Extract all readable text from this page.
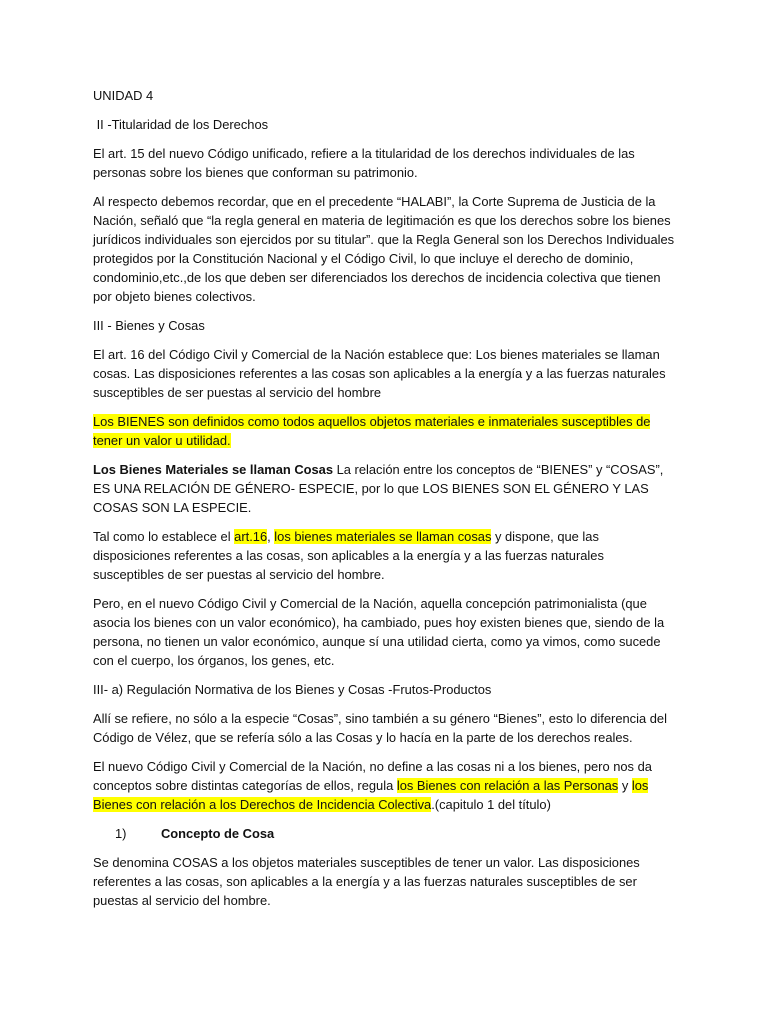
UNIDAD 4

II -Titularidad de los Derechos

El art. 15 del nuevo Código unificado, refiere a la titularidad de los derechos individuales de las personas sobre los bienes que conforman su patrimonio.

Al respecto debemos recordar, que en el precedente “HALABI”, la Corte Suprema de Justicia de la Nación, señaló que “la regla general en materia de legitimación es que los derechos sobre los bienes jurídicos individuales son ejercidos por su titular”. que la Regla General son los Derechos Individuales protegidos por la Constitución Nacional y el Código Civil, lo que incluye el derecho de dominio, condominio,etc.,de los que deben ser diferenciados los derechos de incidencia colectiva que tienen por objeto bienes colectivos.

III - Bienes y Cosas

El art. 16 del Código Civil y Comercial de la Nación establece que: Los bienes materiales se llaman cosas. Las disposiciones referentes a las cosas son aplicables a la energía y a las fuerzas naturales susceptibles de ser puestas al servicio del hombre

Los BIENES son definidos como todos aquellos objetos materiales e inmateriales susceptibles de tener un valor u utilidad.

Los Bienes Materiales se llaman Cosas La relación entre los conceptos de “BIENES” y “COSAS”, ES UNA RELACIÓN DE GÉNERO- ESPECIE, por lo que LOS BIENES SON EL GÉNERO Y LAS COSAS SON LA ESPECIE.

Tal como lo establece el art.16, los bienes materiales se llaman cosas y dispone, que las disposiciones referentes a las cosas, son aplicables a la energía y a las fuerzas naturales susceptibles de ser puestas al servicio del hombre.

Pero, en el nuevo Código Civil y Comercial de la Nación, aquella concepción patrimonialista (que asocia los bienes con un valor económico), ha cambiado, pues hoy existen bienes que, siendo de la persona, no tienen un valor económico, aunque sí una utilidad cierta, como ya vimos, como sucede con el cuerpo, los órganos, los genes, etc.

III- a) Regulación Normativa de los Bienes y Cosas -Frutos-Productos

Allí se refiere, no sólo a la especie “Cosas”, sino también a su género “Bienes”, esto lo diferencia del Código de Vélez, que se refería sólo a las Cosas y lo hacía en la parte de los derechos reales.

El nuevo Código Civil y Comercial de la Nación, no define a las cosas ni a los bienes, pero nos da conceptos sobre distintas categorías de ellos, regula los Bienes con relación a las Personas y los Bienes con relación a los Derechos de Incidencia Colectiva.(capitulo 1 del título)

1)	Concepto de Cosa

Se denomina COSAS a los objetos materiales susceptibles de tener un valor. Las disposiciones referentes a las cosas, son aplicables a la energía y a las fuerzas naturales susceptibles de ser puestas al servicio del hombre.
